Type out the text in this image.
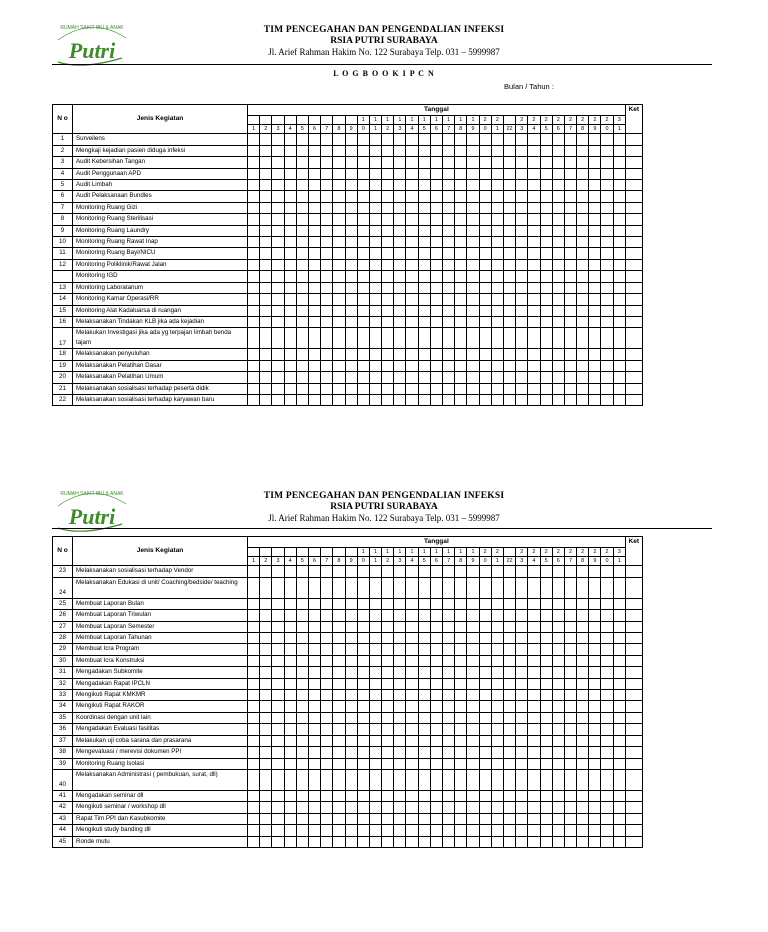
RUMAH SAKIT IBU & ANAK
Putri
TIM PENCEGAHAN DAN PENGENDALIAN INFEKSI
RSIA PUTRI SURABAYA
Jl. Arief Rahman Hakim No. 122 Surabaya Telp. 031 – 5999987
L O G B O O K I P C N
Bulan / Tahun :
N o	Jenis Kegiatan	Tanggal																															Ket
											1	1	1	1	1	1	1	1	1	1	2	2		2	2	2	2	2	2	2	2	3	
		1	2	3	4	5	6	7	8	9	0	1	2	3	4	5	6	7	8	9	0	1	22	3	4	5	6	7	8	9	0	1	
1	Surveilens																																
2	Mengkaji kejadian pasien diduga infeksi																																
3	Audit Kebersihan Tangan																																
4	Audit Penggunaan APD																																
5	Audit Limbah																																
6	Audit Pelaksanaan Bundles																																
7	Monitoring Ruang Gizi																																
8	Monitoring Ruang Sterilisasi																																
9	Monitoring Ruang Laundry																																
10	Monitoring Ruang Rawat Inap																																
11	Monitoring Ruang Bayi/NICU																																
12	Monitoring Poliklinik/Rawat Jalan																																
	Monitoring IGD																																
13	Monitoring Laboratarium																																
14	Monitoring Kamar Operasi/RR																																
15	Monitoring Alat Kadaluarsa di ruangan																																
16	Melaksanakan Tindakan KLB jika ada kejadian																																
17	Melakukan Investigasi jika ada yg terpajan limbah benda tajam																																
18	Melaksanakan penyuluhan																																
19	Melaksanakan Pelatihan Dasar																																
20	Melaksanakan Pelatihan Umum																																
21	Melaksanakan sosialisasi terhadap peserta didik																																
22	Melaksanakan sosialisasi terhadap karyawan baru																																
RUMAH SAKIT IBU & ANAK
Putri
TIM PENCEGAHAN DAN PENGENDALIAN INFEKSI
RSIA PUTRI SURABAYA
Jl. Arief Rahman Hakim No. 122 Surabaya Telp. 031 – 5999987
N o	Jenis Kegiatan	Tanggal																															Ket
											1	1	1	1	1	1	1	1	1	1	2	2		2	2	2	2	2	2	2	2	3	
		1	2	3	4	5	6	7	8	9	0	1	2	3	4	5	6	7	8	9	0	1	22	3	4	5	6	7	8	9	0	1	
23	Melaksanakan sosialisasi terhadap Vendor																																
24	Melaksanakan Edukasi di unit/ Coaching/bedside/ teaching																																
25	Membuat Laporan Bulan																																
26	Membuat Laporan Triwulan																																
27	Membuat Laporan Semester																																
28	Membuat Laporan Tahunan																																
29	Membuat Icra Program																																
30	Membuat Icra Konstruksi																																
31	Mengadakan Subkomite																																
32	Mengadakan Rapat IPCLN																																
33	Mengikuti Rapat KMKMR																																
34	Mengikuti Rapat RAKOR																																
35	Koordinasi dengan unit lain																																
36	Mengadakan Evaluasi fasilitas																																
37	Melakukan uji coba sarana dan prasarana																																
38	Mengevaluasi / merevisi dokumen PPI																																
39	Monitoring Ruang Isolasi																																
40	Melaksanakan Administrasi ( pembukuan, surat, dll)																																
41	Mengadakan seminar dll																																
42	Mengikuti seminar / workshop dll																																
43	Rapat Tim PPI dan Kasubkomite																																
44	Mengikuti study banding dll																																
45	Ronde mutu																																
